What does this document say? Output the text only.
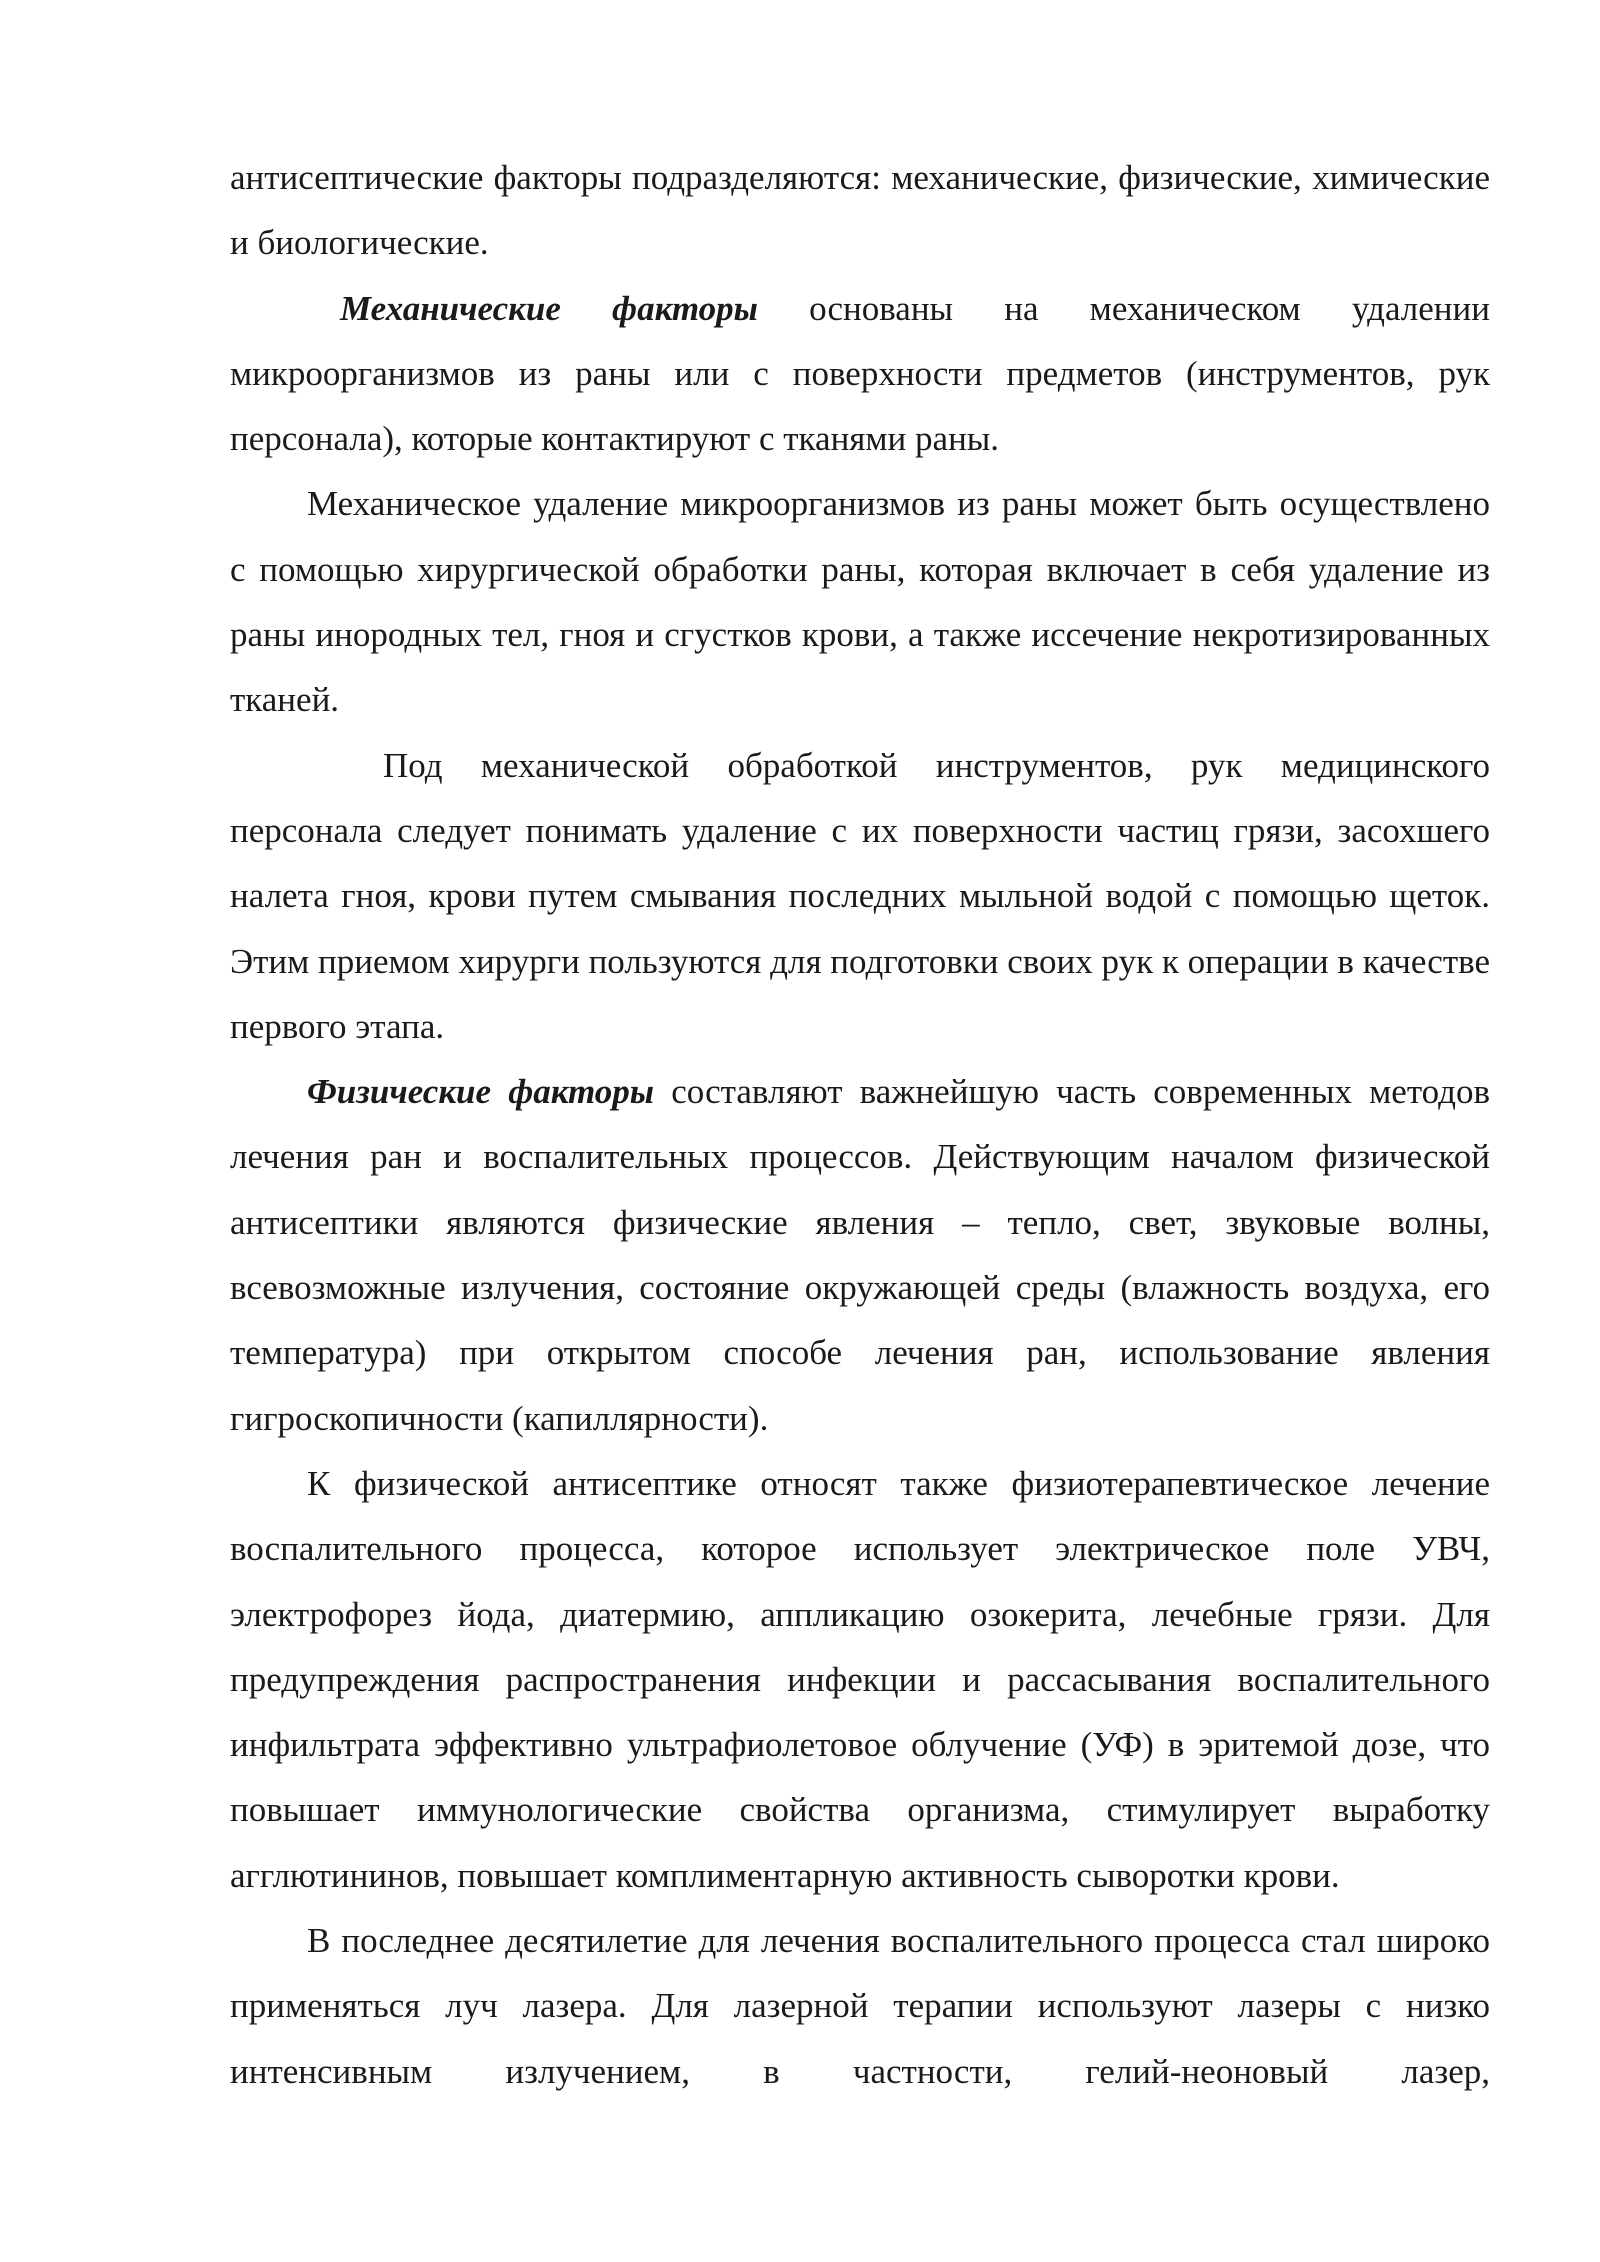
антисептические факторы подразделяются: механические, физические, химические и биологические.

Механические факторы основаны на механическом удалении микроорганизмов из раны или с поверхности предметов (инструментов, рук персонала), которые контактируют с тканями раны.

Механическое удаление микроорганизмов из раны может быть осуществлено с помощью хирургической обработки раны, которая включает в себя удаление из раны инородных тел, гноя и сгустков крови, а также иссечение некротизированных тканей.

Под механической обработкой инструментов, рук медицинского персонала следует понимать удаление с их поверхности частиц грязи, засохшего налета гноя, крови путем смывания последних мыльной водой с помощью щеток. Этим приемом хирурги пользуются для подготовки своих рук к операции в качестве первого этапа.

Физические факторы составляют важнейшую часть современных методов лечения ран и воспалительных процессов. Действующим началом физической антисептики являются физические явления – тепло, свет, звуковые волны, всевозможные излучения, состояние окружающей среды (влажность воздуха, его температура) при открытом способе лечения ран, использование явления гигроскопичности (капиллярности).

К физической антисептике относят также физиотерапевтическое лечение воспалительного процесса, которое использует электрическое поле УВЧ, электрофорез йода, диатермию, аппликацию озокерита, лечебные грязи. Для предупреждения распространения инфекции и рассасывания воспалительного инфильтрата эффективно ультрафиолетовое облучение (УФ) в эритемой дозе, что повышает иммунологические свойства организма, стимулирует выработку агглютининов, повышает комплиментарную активность сыворотки крови.

В последнее десятилетие для лечения воспалительного процесса стал широко применяться луч лазера. Для лазерной терапии используют лазеры с низко интенсивным излучением, в частности, гелий-неоновый лазер,
